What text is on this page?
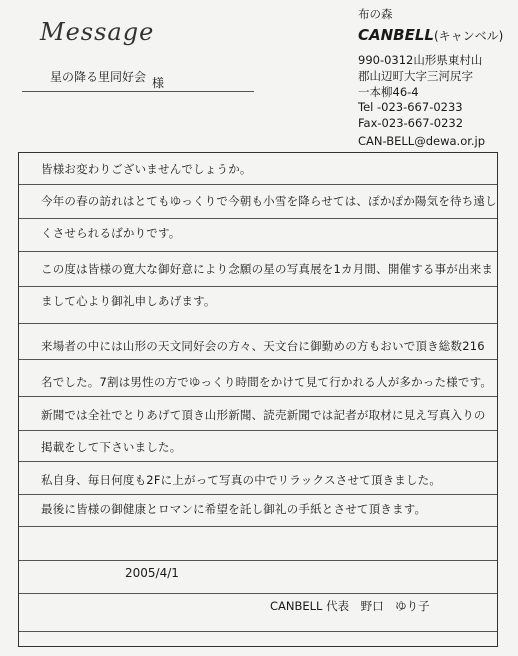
Message
星の降る里同好会 様
布の森
CANBELL(キャンベル)
990-0312山形県東村山
郡山辺町大字三河尻字
一本柳46-4
Tel -023-667-0233
Fax-023-667-0232
CAN-BELL@dewa.or.jp
皆様お変わりございませんでしょうか。
今年の春の訪れはとてもゆっくりで今朝も小雪を降らせては、ぽかぽか陽気を待ち遠し
くさせられるばかりです。
この度は皆様の寛大な御好意により念願の星の写真展を1カ月間、開催する事が出来ま
まして心より御礼申しあげます。
来場者の中には山形の天文同好会の方々、天文台に御勤めの方もおいで頂き総数216
名でした。7割は男性の方でゆっくり時間をかけて見て行かれる人が多かった様です。
新聞では全社でとりあげて頂き山形新聞、読売新聞では記者が取材に見え写真入りの
掲載をして下さいました。
私自身、毎日何度も2Fに上がって写真の中でリラックスさせて頂きました。
最後に皆様の御健康とロマンに希望を託し御礼の手紙とさせて頂きます。
2005/4/1
CANBELL 代表　野口　ゆり子
